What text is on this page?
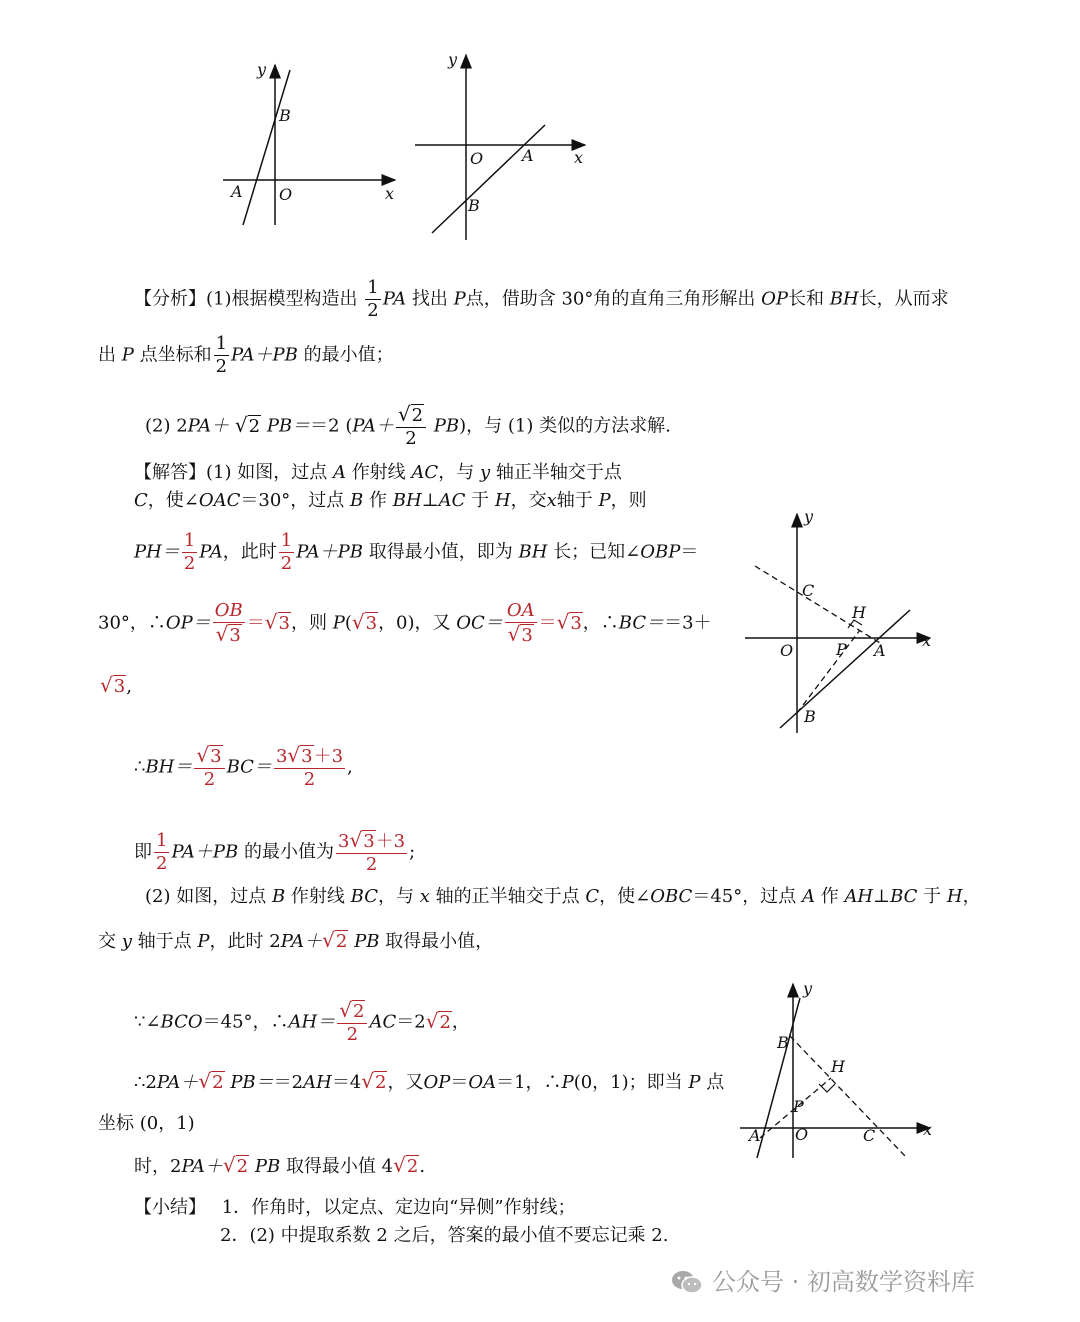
y
B
A O	x
y
O A	x
B
【分析】(1)根据模型构造出 $\frac{1}{2}$ PA 找出 P点，借助含 30°角的直角三角形解出 OP长和 BH长，从而求
出 P 点坐标和 $\frac{1}{2} PA+PB$ 的最小值；
(2) 2PA＋ √2 PB＝＝2 $(PA+ \frac{√2}{2} PB)$，与 (1) 类似的方法求解.
【解答】(1) 如图，过点 A 作射线 AC，与 y 轴正半轴交于点
C，使∠OAC＝30°，过点 B 作 BH⊥AC 于 H，交x轴于 P，则
$PH= \frac{1}{2}$ PA，此时 $\frac{1}{2} PA+PB$ 取得最小值，即为 BH 长；已知∠OBP＝
30°，∴OP＝ $\frac{OB}{√3} =√3$，则 P(√3，0)，又 $OC= \frac{OA}{√3} =√3$，∴BC＝＝3＋
√3,
∴BH＝ $\frac{√3}{2} BC= \frac{3√3+3}{2}$ ,
即 $\frac{1}{2} PA+PB$ 的最小值为 $\frac{3√3+3}{2}$ ;
y
C
H
O	P A
x
B
(2) 如图，过点 B 作射线 BC，与 x 轴的正半轴交于点 C，使∠OBC＝45°，过点 A 作 AH⊥BC 于 H，
交 y 轴于点 P，此时 2PA＋√2 PB 取得最小值，
∵∠BCO＝45°，∴AH＝ $\frac{√2}{2} AC=2√2$，
∴2PA＋√2 PB＝＝2AH＝4√2，又OP＝OA＝1，∴P(0，1)；即当 P 点
坐标 (0，1)
时，2PA＋√2 PB 取得最小值 4√2.
y
B
H
P
A O	C	x
【小结】 1．作角时，以定点、定边向“异侧”作射线；
2．(2) 中提取系数 2 之后，答案的最小值不要忘记乘 2.
公众号 · 初高数学资料库
